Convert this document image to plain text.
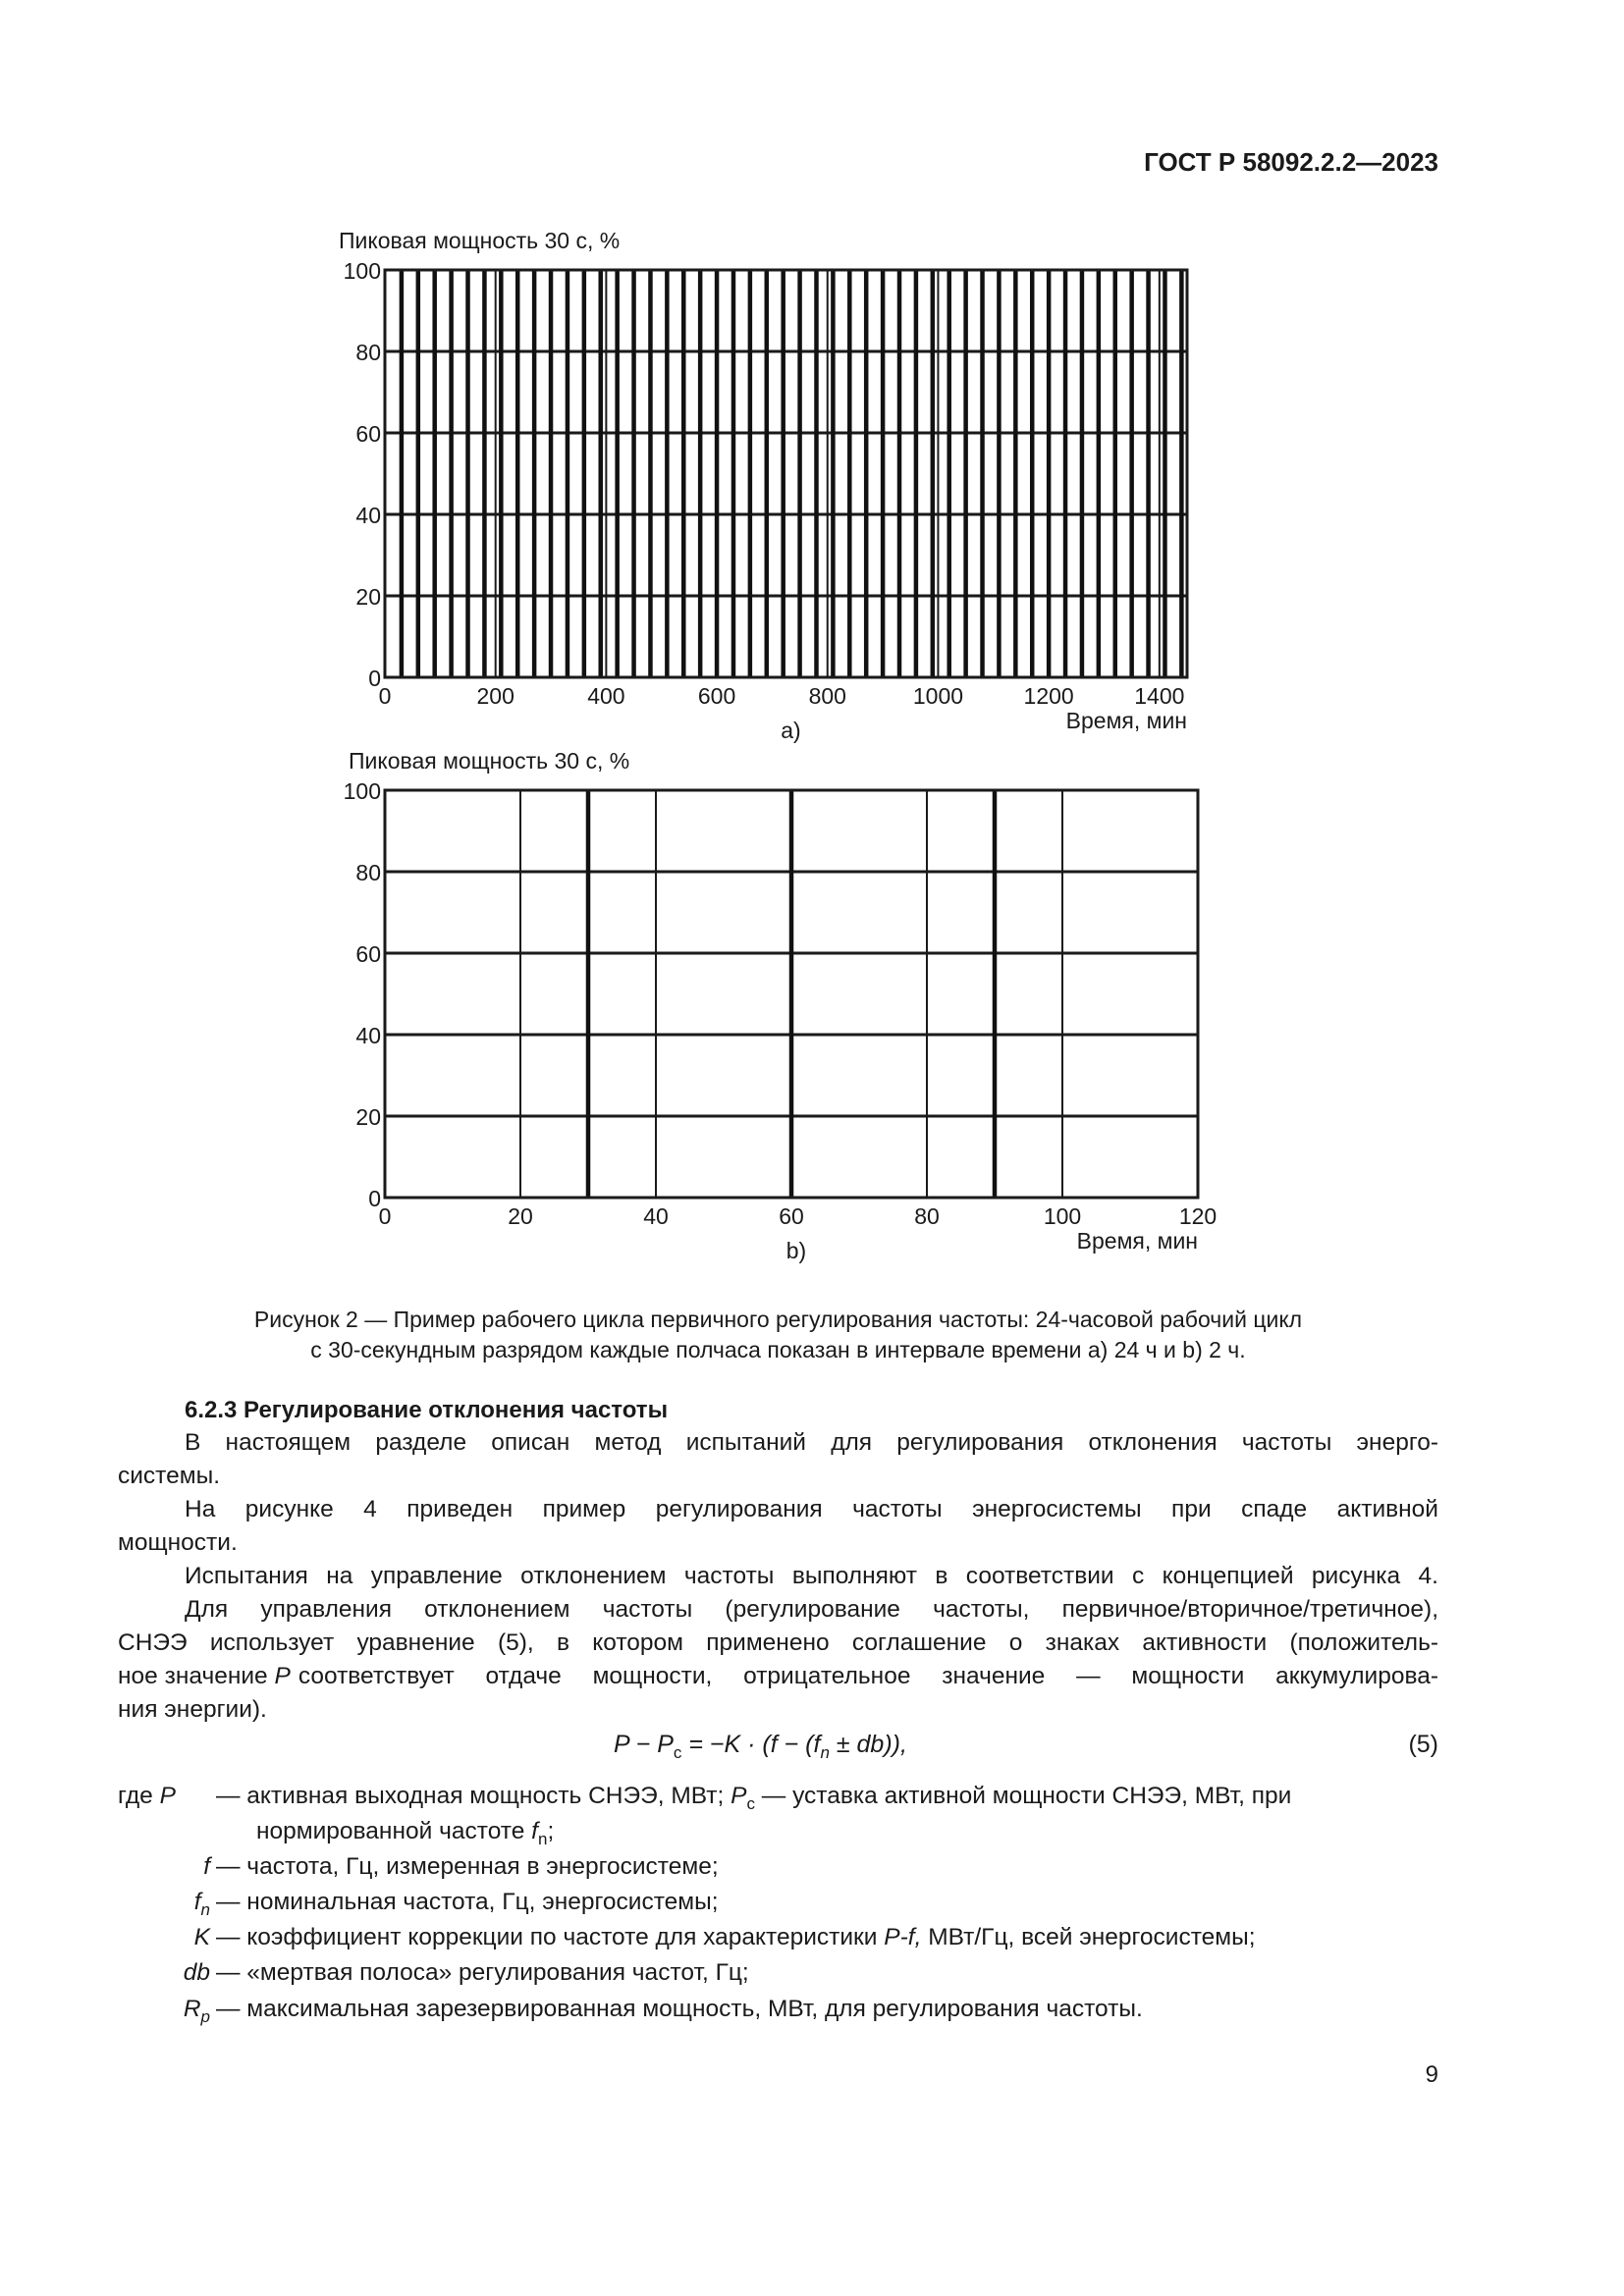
ГОСТ Р 58092.2.2—2023
Пиковая мощность 30 с, %
0
20
40
60
80
100
0	200	400	600	800	1000	1200	1400
Время, мин
а)
Пиковая мощность 30 с, %
0
20
40
60
80
100
0	20	40	60	80	100	120
Время, мин
b)
Рисунок 2 — Пример рабочего цикла первичного регулирования частоты: 24-часовой рабочий цикл
с 30-секундным разрядом каждые полчаса показан в интервале времени а) 24 ч и b) 2 ч.
6.2.3 Регулирование отклонения частоты
В настоящем разделе описан метод испытаний для регулирования отклонения частоты энерго-
системы.
На рисунке 4 приведен пример регулирования частоты энергосистемы при спаде активной
мощности.
Испытания на управление отклонением частоты выполняют в соответствии с концепцией рисунка 4.
Для управления отклонением частоты (регулирование частоты, первичное/вторичное/третичное),
СНЭЭ использует уравнение (5), в котором применено соглашение о знаках активности (положитель-
ное значение P соответствует отдаче мощности, отрицательное значение — мощности аккумулирова-
ния энергии).
$P - P_c = -K \cdot (f - (f_n \pm db))$,	(5)
где P — активная выходная мощность СНЭЭ, МВт; $P_c$ — уставка активной мощности СНЭЭ, МВт, при
нормированной частоте $f_n$;
f — частота, Гц, измеренная в энергосистеме;
$f_n$ — номинальная частота, Гц, энергосистемы;
K — коэффициент коррекции по частоте для характеристики P-f, МВт/Гц, всей энергосистемы;
db — «мертвая полоса» регулирования частот, Гц;
$R_p$ — максимальная зарезервированная мощность, МВт, для регулирования частоты.
9
